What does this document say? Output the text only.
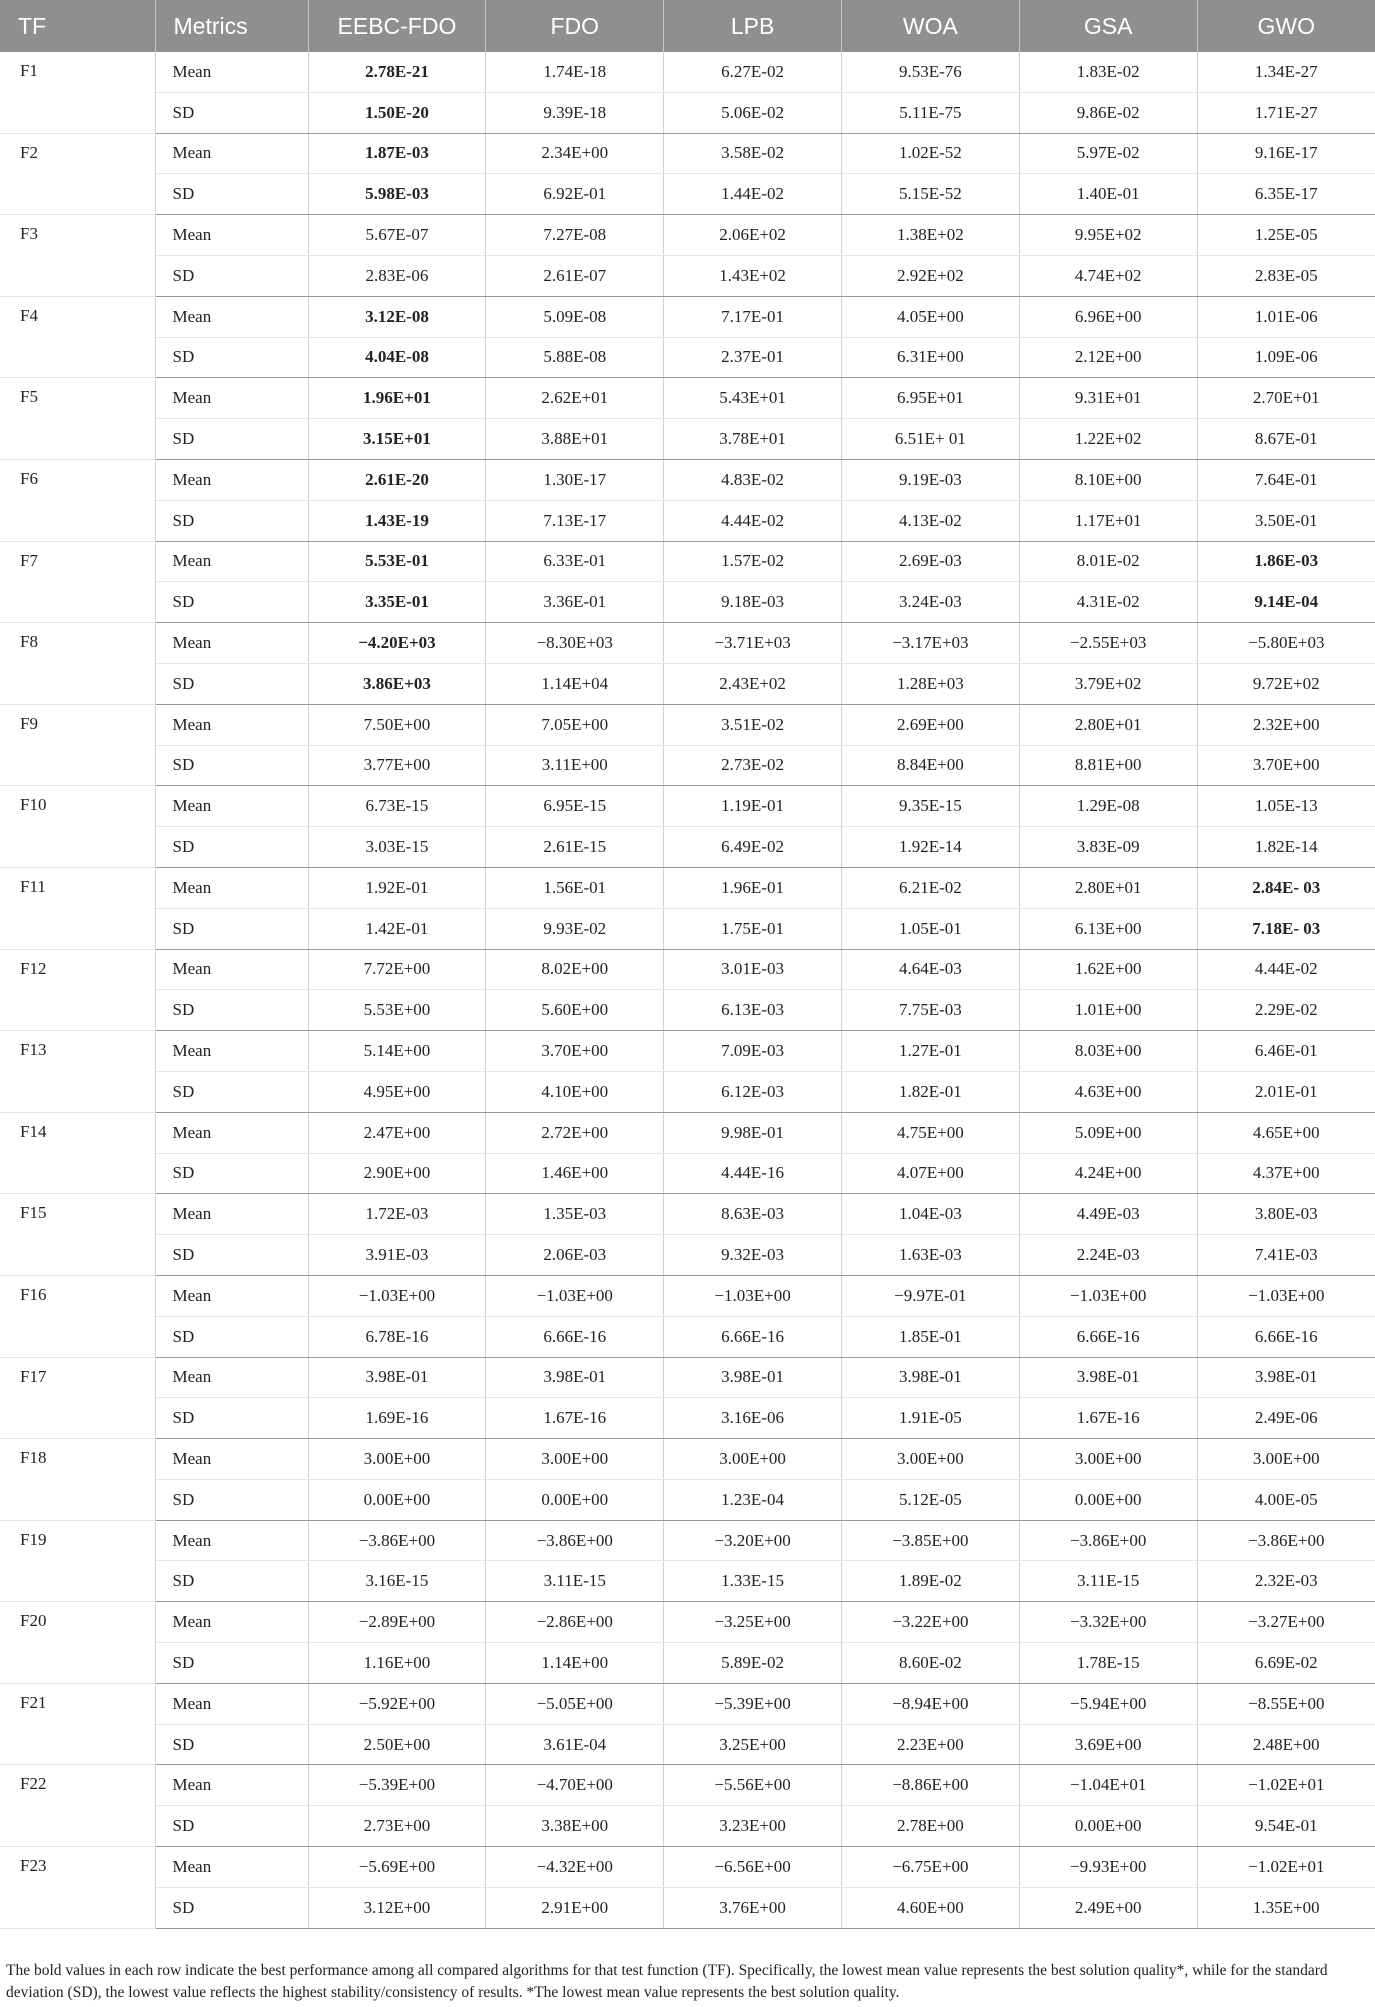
TF	Metrics	EEBC-FDO	FDO	LPB	WOA	GSA	GWO
F1	Mean	2.78E-21	1.74E-18	6.27E-02	9.53E-76	1.83E-02	1.34E-27
	SD	1.50E-20	9.39E-18	5.06E-02	5.11E-75	9.86E-02	1.71E-27
F2	Mean	1.87E-03	2.34E+00	3.58E-02	1.02E-52	5.97E-02	9.16E-17
	SD	5.98E-03	6.92E-01	1.44E-02	5.15E-52	1.40E-01	6.35E-17
F3	Mean	5.67E-07	7.27E-08	2.06E+02	1.38E+02	9.95E+02	1.25E-05
	SD	2.83E-06	2.61E-07	1.43E+02	2.92E+02	4.74E+02	2.83E-05
F4	Mean	3.12E-08	5.09E-08	7.17E-01	4.05E+00	6.96E+00	1.01E-06
	SD	4.04E-08	5.88E-08	2.37E-01	6.31E+00	2.12E+00	1.09E-06
F5	Mean	1.96E+01	2.62E+01	5.43E+01	6.95E+01	9.31E+01	2.70E+01
	SD	3.15E+01	3.88E+01	3.78E+01	6.51E+ 01	1.22E+02	8.67E-01
F6	Mean	2.61E-20	1.30E-17	4.83E-02	9.19E-03	8.10E+00	7.64E-01
	SD	1.43E-19	7.13E-17	4.44E-02	4.13E-02	1.17E+01	3.50E-01
F7	Mean	5.53E-01	6.33E-01	1.57E-02	2.69E-03	8.01E-02	1.86E-03
	SD	3.35E-01	3.36E-01	9.18E-03	3.24E-03	4.31E-02	9.14E-04
F8	Mean	−4.20E+03	−8.30E+03	−3.71E+03	−3.17E+03	−2.55E+03	−5.80E+03
	SD	3.86E+03	1.14E+04	2.43E+02	1.28E+03	3.79E+02	9.72E+02
F9	Mean	7.50E+00	7.05E+00	3.51E-02	2.69E+00	2.80E+01	2.32E+00
	SD	3.77E+00	3.11E+00	2.73E-02	8.84E+00	8.81E+00	3.70E+00
F10	Mean	6.73E-15	6.95E-15	1.19E-01	9.35E-15	1.29E-08	1.05E-13
	SD	3.03E-15	2.61E-15	6.49E-02	1.92E-14	3.83E-09	1.82E-14
F11	Mean	1.92E-01	1.56E-01	1.96E-01	6.21E-02	2.80E+01	2.84E- 03
	SD	1.42E-01	9.93E-02	1.75E-01	1.05E-01	6.13E+00	7.18E- 03
F12	Mean	7.72E+00	8.02E+00	3.01E-03	4.64E-03	1.62E+00	4.44E-02
	SD	5.53E+00	5.60E+00	6.13E-03	7.75E-03	1.01E+00	2.29E-02
F13	Mean	5.14E+00	3.70E+00	7.09E-03	1.27E-01	8.03E+00	6.46E-01
	SD	4.95E+00	4.10E+00	6.12E-03	1.82E-01	4.63E+00	2.01E-01
F14	Mean	2.47E+00	2.72E+00	9.98E-01	4.75E+00	5.09E+00	4.65E+00
	SD	2.90E+00	1.46E+00	4.44E-16	4.07E+00	4.24E+00	4.37E+00
F15	Mean	1.72E-03	1.35E-03	8.63E-03	1.04E-03	4.49E-03	3.80E-03
	SD	3.91E-03	2.06E-03	9.32E-03	1.63E-03	2.24E-03	7.41E-03
F16	Mean	−1.03E+00	−1.03E+00	−1.03E+00	−9.97E-01	−1.03E+00	−1.03E+00
	SD	6.78E-16	6.66E-16	6.66E-16	1.85E-01	6.66E-16	6.66E-16
F17	Mean	3.98E-01	3.98E-01	3.98E-01	3.98E-01	3.98E-01	3.98E-01
	SD	1.69E-16	1.67E-16	3.16E-06	1.91E-05	1.67E-16	2.49E-06
F18	Mean	3.00E+00	3.00E+00	3.00E+00	3.00E+00	3.00E+00	3.00E+00
	SD	0.00E+00	0.00E+00	1.23E-04	5.12E-05	0.00E+00	4.00E-05
F19	Mean	−3.86E+00	−3.86E+00	−3.20E+00	−3.85E+00	−3.86E+00	−3.86E+00
	SD	3.16E-15	3.11E-15	1.33E-15	1.89E-02	3.11E-15	2.32E-03
F20	Mean	−2.89E+00	−2.86E+00	−3.25E+00	−3.22E+00	−3.32E+00	−3.27E+00
	SD	1.16E+00	1.14E+00	5.89E-02	8.60E-02	1.78E-15	6.69E-02
F21	Mean	−5.92E+00	−5.05E+00	−5.39E+00	−8.94E+00	−5.94E+00	−8.55E+00
	SD	2.50E+00	3.61E-04	3.25E+00	2.23E+00	3.69E+00	2.48E+00
F22	Mean	−5.39E+00	−4.70E+00	−5.56E+00	−8.86E+00	−1.04E+01	−1.02E+01
	SD	2.73E+00	3.38E+00	3.23E+00	2.78E+00	0.00E+00	9.54E-01
F23	Mean	−5.69E+00	−4.32E+00	−6.56E+00	−6.75E+00	−9.93E+00	−1.02E+01
	SD	3.12E+00	2.91E+00	3.76E+00	4.60E+00	2.49E+00	1.35E+00
The bold values in each row indicate the best performance among all compared algorithms for that test function (TF). Specifically, the lowest mean value represents the best solution quality*, while for the standard deviation (SD), the lowest value reflects the highest stability/consistency of results. *The lowest mean value represents the best solution quality.
